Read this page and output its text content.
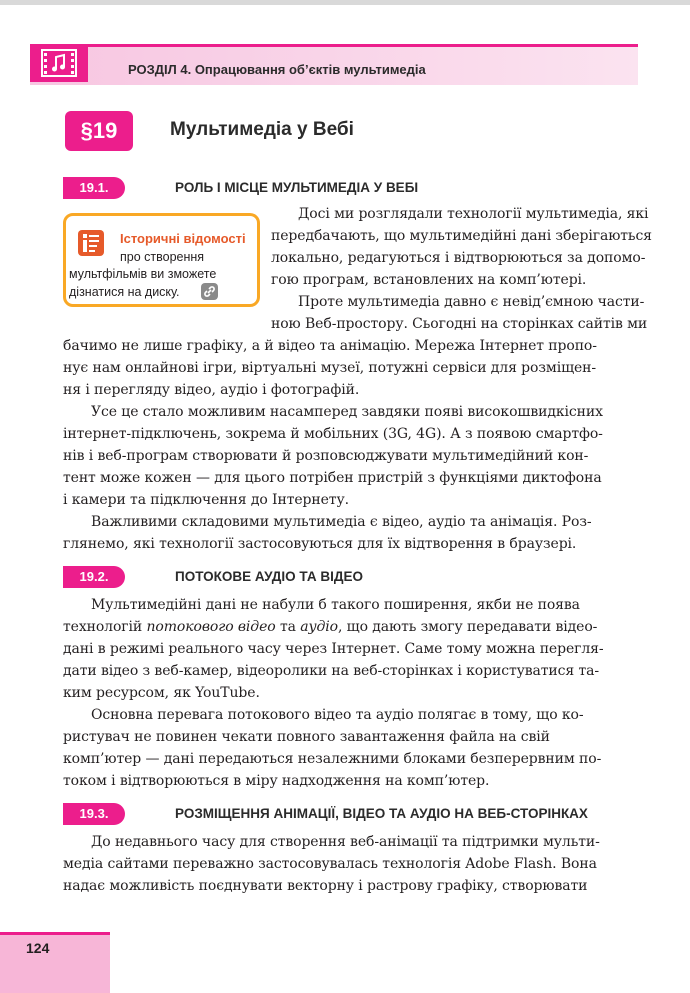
РОЗДІЛ 4. Опрацювання об’єктів мультимедіа
§19	Мультимедіа у Вебі
19.1.	РОЛЬ І МІСЦЕ МУЛЬТИМЕДІА У ВЕБІ
Історичні відомості
про створення
мультфільмів ви зможете
дізнатися на диску.
Досі ми розглядали технології мультимедіа, які
передбачають, що мультимедійні дані зберігаються
локально, редагуються і відтворюються за допомо-
гою програм, встановлених на комп’ютері.
Проте мультимедіа давно є невід’ємною части-
ною Веб-простору. Сьогодні на сторінках сайтів ми
бачимо не лише графіку, а й відео та анімацію. Мережа Інтернет пропо-
нує нам онлайнові ігри, віртуальні музеї, потужні сервіси для розміщен-
ня і перегляду відео, аудіо і фотографій.
Усе це стало можливим насамперед завдяки появі високошвидкісних
інтернет-підключень, зокрема й мобільних (3G, 4G). А з появою смартфо-
нів і веб-програм створювати й розповсюджувати мультимедійний кон-
тент може кожен — для цього потрібен пристрій з функціями диктофона
і камери та підключення до Інтернету.
Важливими складовими мультимедіа є відео, аудіо та анімація. Роз-
глянемо, які технології застосовуються для їх відтворення в браузері.
19.2.	ПОТОКОВЕ АУДІО ТА ВІДЕО
Мультимедійні дані не набули б такого поширення, якби не поява
технологій потокового відео та аудіо, що дають змогу передавати відео-
дані в режимі реального часу через Інтернет. Саме тому можна перегля-
дати відео з веб-камер, відеоролики на веб-сторінках і користуватися та-
ким ресурсом, як YouTube.
Основна перевага потокового відео та аудіо полягає в тому, що ко-
ристувач не повинен чекати повного завантаження файла на свій
комп’ютер — дані передаються незалежними блоками безперервним по-
током і відтворюються в міру надходження на комп’ютер.
19.3.	РОЗМІЩЕННЯ АНІМАЦІЇ, ВІДЕО ТА АУДІО НА ВЕБ-СТОРІНКАХ
До недавнього часу для створення веб-анімації та підтримки мульти-
медіа сайтами переважно застосовувалась технологія Adobe Flash. Вона
надає можливість поєднувати векторну і растрову графіку, створювати
124
